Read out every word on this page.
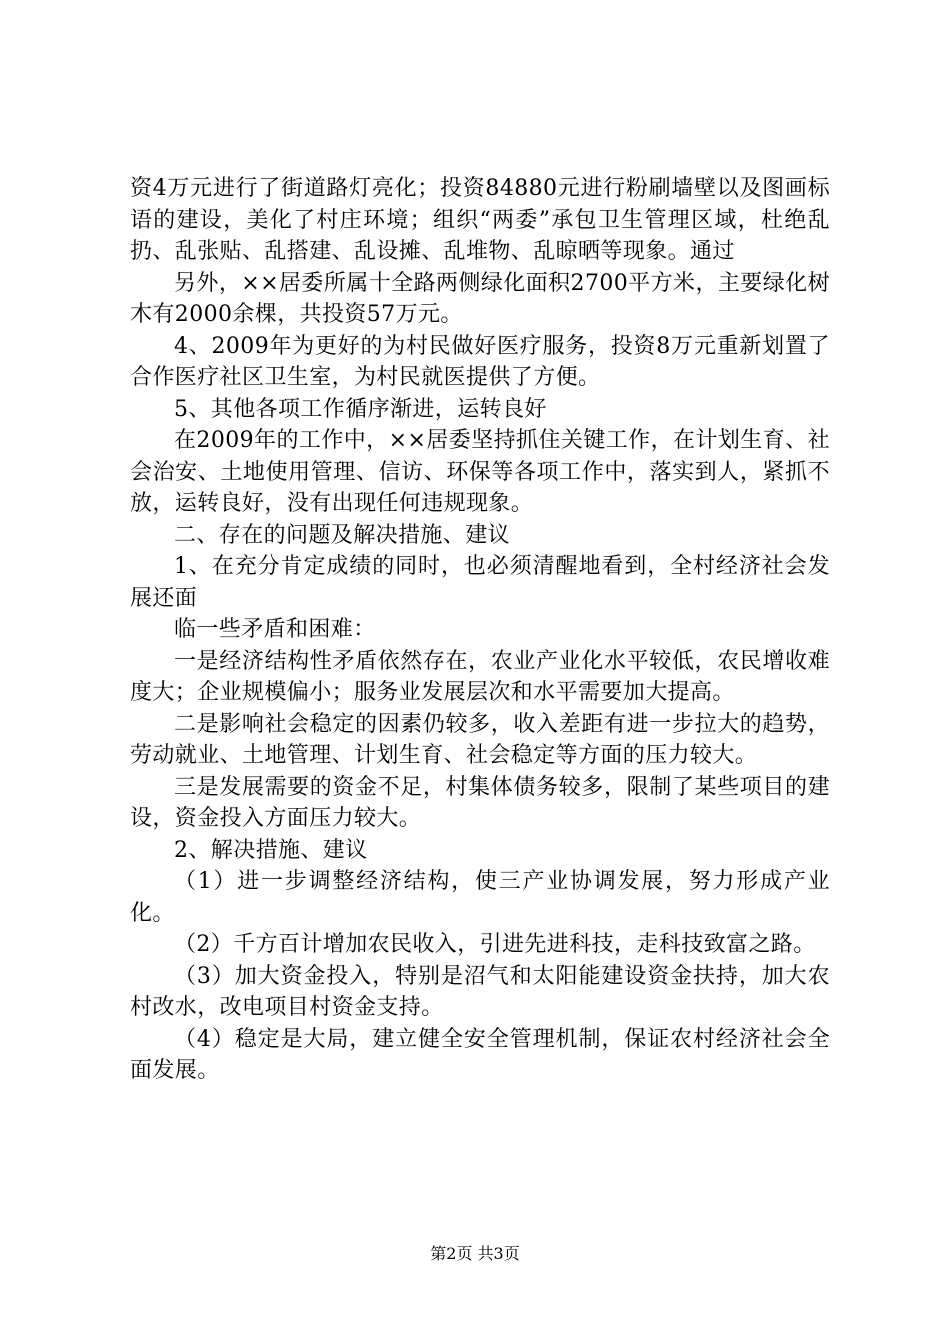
资4万元进行了街道路灯亮化；投资84880元进行粉刷墙壁以及图画标语的建设，美化了村庄环境；组织“两委”承包卫生管理区域，杜绝乱扔、乱张贴、乱搭建、乱设摊、乱堆物、乱晾晒等现象。通过

另外，××居委所属十全路两侧绿化面积2700平方米，主要绿化树木有2000余棵，共投资57万元。

4、2009年为更好的为村民做好医疗服务，投资8万元重新划置了合作医疗社区卫生室，为村民就医提供了方便。

5、其他各项工作循序渐进，运转良好

在2009年的工作中，××居委坚持抓住关键工作，在计划生育、社会治安、土地使用管理、信访、环保等各项工作中，落实到人，紧抓不放，运转良好，没有出现任何违规现象。

二、存在的问题及解决措施、建议

1、在充分肯定成绩的同时，也必须清醒地看到，全村经济社会发展还面

临一些矛盾和困难：

一是经济结构性矛盾依然存在，农业产业化水平较低，农民增收难度大；企业规模偏小；服务业发展层次和水平需要加大提高。

二是影响社会稳定的因素仍较多，收入差距有进一步拉大的趋势，劳动就业、土地管理、计划生育、社会稳定等方面的压力较大。

三是发展需要的资金不足，村集体债务较多，限制了某些项目的建设，资金投入方面压力较大。

2、解决措施、建议

（1）进一步调整经济结构，使三产业协调发展，努力形成产业化。

（2）千方百计增加农民收入，引进先进科技，走科技致富之路。

（3）加大资金投入，特别是沼气和太阳能建设资金扶持，加大农村改水，改电项目村资金支持。

（4）稳定是大局，建立健全安全管理机制，保证农村经济社会全面发展。

第2页 共3页
